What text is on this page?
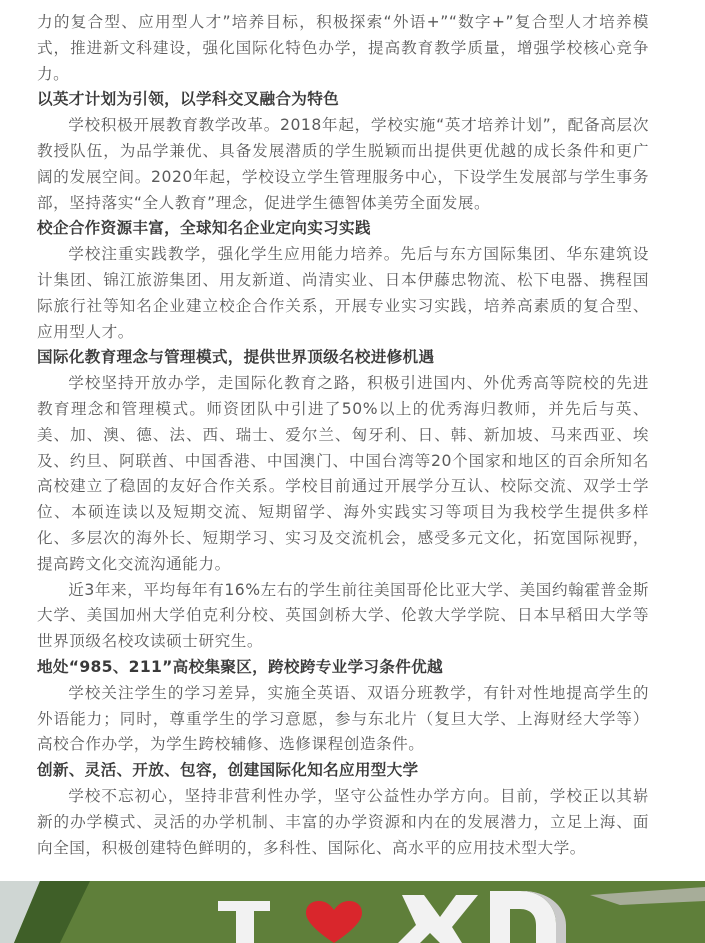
力的复合型、应用型人才”培养目标，积极探索“外语+”“数字+”复合型人才培养模式，推进新文科建设，强化国际化特色办学，提高教育教学质量，增强学校核心竞争力。

以英才计划为引领，以学科交叉融合为特色

学校积极开展教育教学改革。2018年起，学校实施“英才培养计划”，配备高层次教授队伍，为品学兼优、具备发展潜质的学生脱颖而出提供更优越的成长条件和更广阔的发展空间。2020年起，学校设立学生管理服务中心，下设学生发展部与学生事务部，坚持落实“全人教育”理念，促进学生德智体美劳全面发展。

校企合作资源丰富，全球知名企业定向实习实践

学校注重实践教学，强化学生应用能力培养。先后与东方国际集团、华东建筑设计集团、锦江旅游集团、用友新道、尚清实业、日本伊藤忠物流、松下电器、携程国际旅行社等知名企业建立校企合作关系，开展专业实习实践，培养高素质的复合型、应用型人才。

国际化教育理念与管理模式，提供世界顶级名校进修机遇

学校坚持开放办学，走国际化教育之路，积极引进国内、外优秀高等院校的先进教育理念和管理模式。师资团队中引进了50%以上的优秀海归教师，并先后与英、美、加、澳、德、法、西、瑞士、爱尔兰、匈牙利、日、韩、新加坡、马来西亚、埃及、约旦、阿联酋、中国香港、中国澳门、中国台湾等20个国家和地区的百余所知名高校建立了稳固的友好合作关系。学校目前通过开展学分互认、校际交流、双学士学位、本硕连读以及短期交流、短期留学、海外实践实习等项目为我校学生提供多样化、多层次的海外长、短期学习、实习及交流机会，感受多元文化，拓宽国际视野，提高跨文化交流沟通能力。

近3年来，平均每年有16%左右的学生前往美国哥伦比亚大学、美国约翰霍普金斯大学、美国加州大学伯克利分校、英国剑桥大学、伦敦大学学院、日本早稻田大学等世界顶级名校攻读硕士研究生。

地处“985、211”高校集聚区，跨校跨专业学习条件优越

学校关注学生的学习差异，实施全英语、双语分班教学，有针对性地提高学生的外语能力；同时，尊重学生的学习意愿，参与东北片（复旦大学、上海财经大学等）高校合作办学，为学生跨校辅修、选修课程创造条件。

创新、灵活、开放、包容，创建国际化知名应用型大学

学校不忘初心，坚持非营利性办学，坚守公益性办学方向。目前，学校正以其崭新的办学模式、灵活的办学机制、丰富的办学资源和内在的发展潜力，立足上海、面向全国，积极创建特色鲜明的，多科性、国际化、高水平的应用技术型大学。
